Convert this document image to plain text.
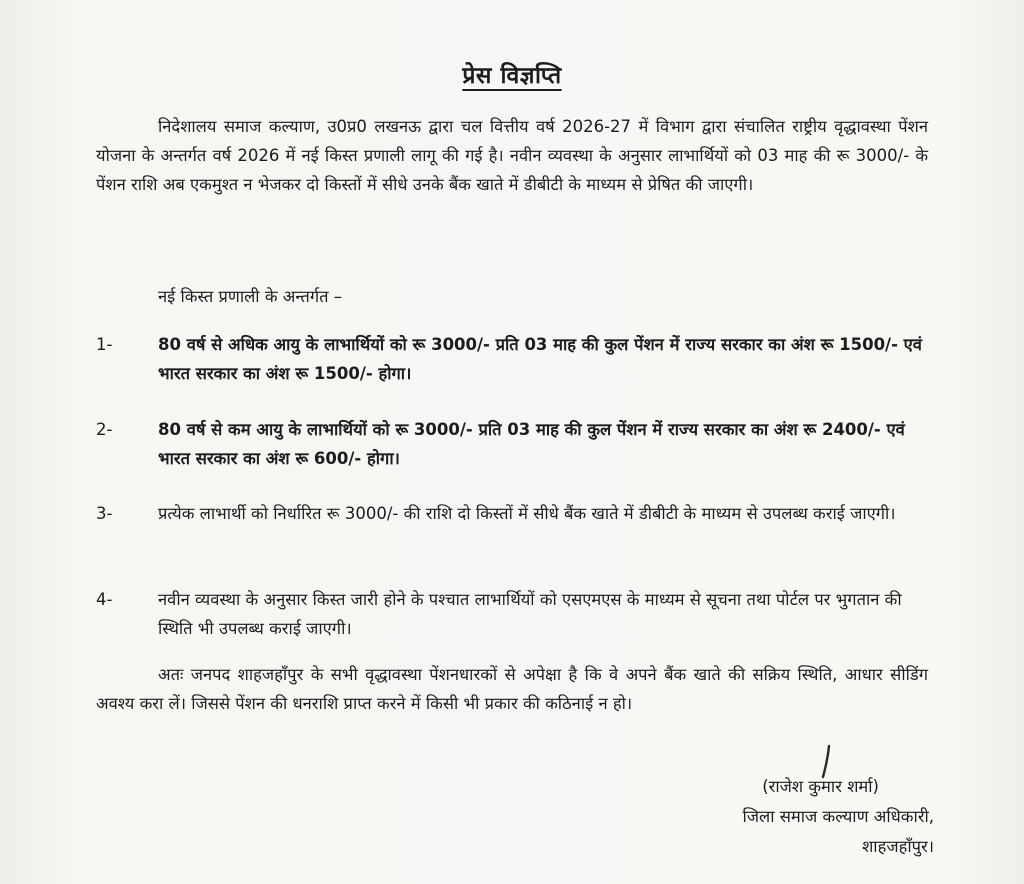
प्रेस विज्ञप्ति

निदेशालय समाज कल्याण, उ0प्र0 लखनऊ द्वारा चल वित्तीय वर्ष 2026-27 में विभाग द्वारा संचालित राष्ट्रीय वृद्धावस्था पेंशन योजना के अन्तर्गत वर्ष 2026 में नई किस्त प्रणाली लागू की गई है। नवीन व्यवस्था के अनुसार लाभार्थियों को 03 माह की रू 3000/- के पेंशन राशि अब एकमुश्त न भेजकर दो किस्तों में सीधे उनके बैंक खाते में डीबीटी के माध्यम से प्रेषित की जाएगी।

नई किस्त प्रणाली के अन्तर्गत –

1-	80 वर्ष से अधिक आयु के लाभार्थियों को रू 3000/- प्रति 03 माह की कुल पेंशन में राज्य सरकार का अंश रू 1500/- एवं भारत सरकार का अंश रू 1500/- होगा।

2-	80 वर्ष से कम आयु के लाभार्थियों को रू 3000/- प्रति 03 माह की कुल पेंशन में राज्य सरकार का अंश रू 2400/- एवं भारत सरकार का अंश रू 600/- होगा।

3-	प्रत्येक लाभार्थी को निर्धारित रू 3000/- की राशि दो किस्तों में सीधे बैंक खाते में डीबीटी के माध्यम से उपलब्ध कराई जाएगी।

4-	नवीन व्यवस्था के अनुसार किस्त जारी होने के पश्चात लाभार्थियों को एसएमएस के माध्यम से सूचना तथा पोर्टल पर भुगतान की स्थिति भी उपलब्ध कराई जाएगी।

अतः जनपद शाहजहाँपुर के सभी वृद्धावस्था पेंशनधारकों से अपेक्षा है कि वे अपने बैंक खाते की सक्रिय स्थिति, आधार सीडिंग अवश्य करा लें। जिससे पेंशन की धनराशि प्राप्त करने में किसी भी प्रकार की कठिनाई न हो।

(राजेश कुमार शर्मा)
जिला समाज कल्याण अधिकारी,
शाहजहाँपुर।
